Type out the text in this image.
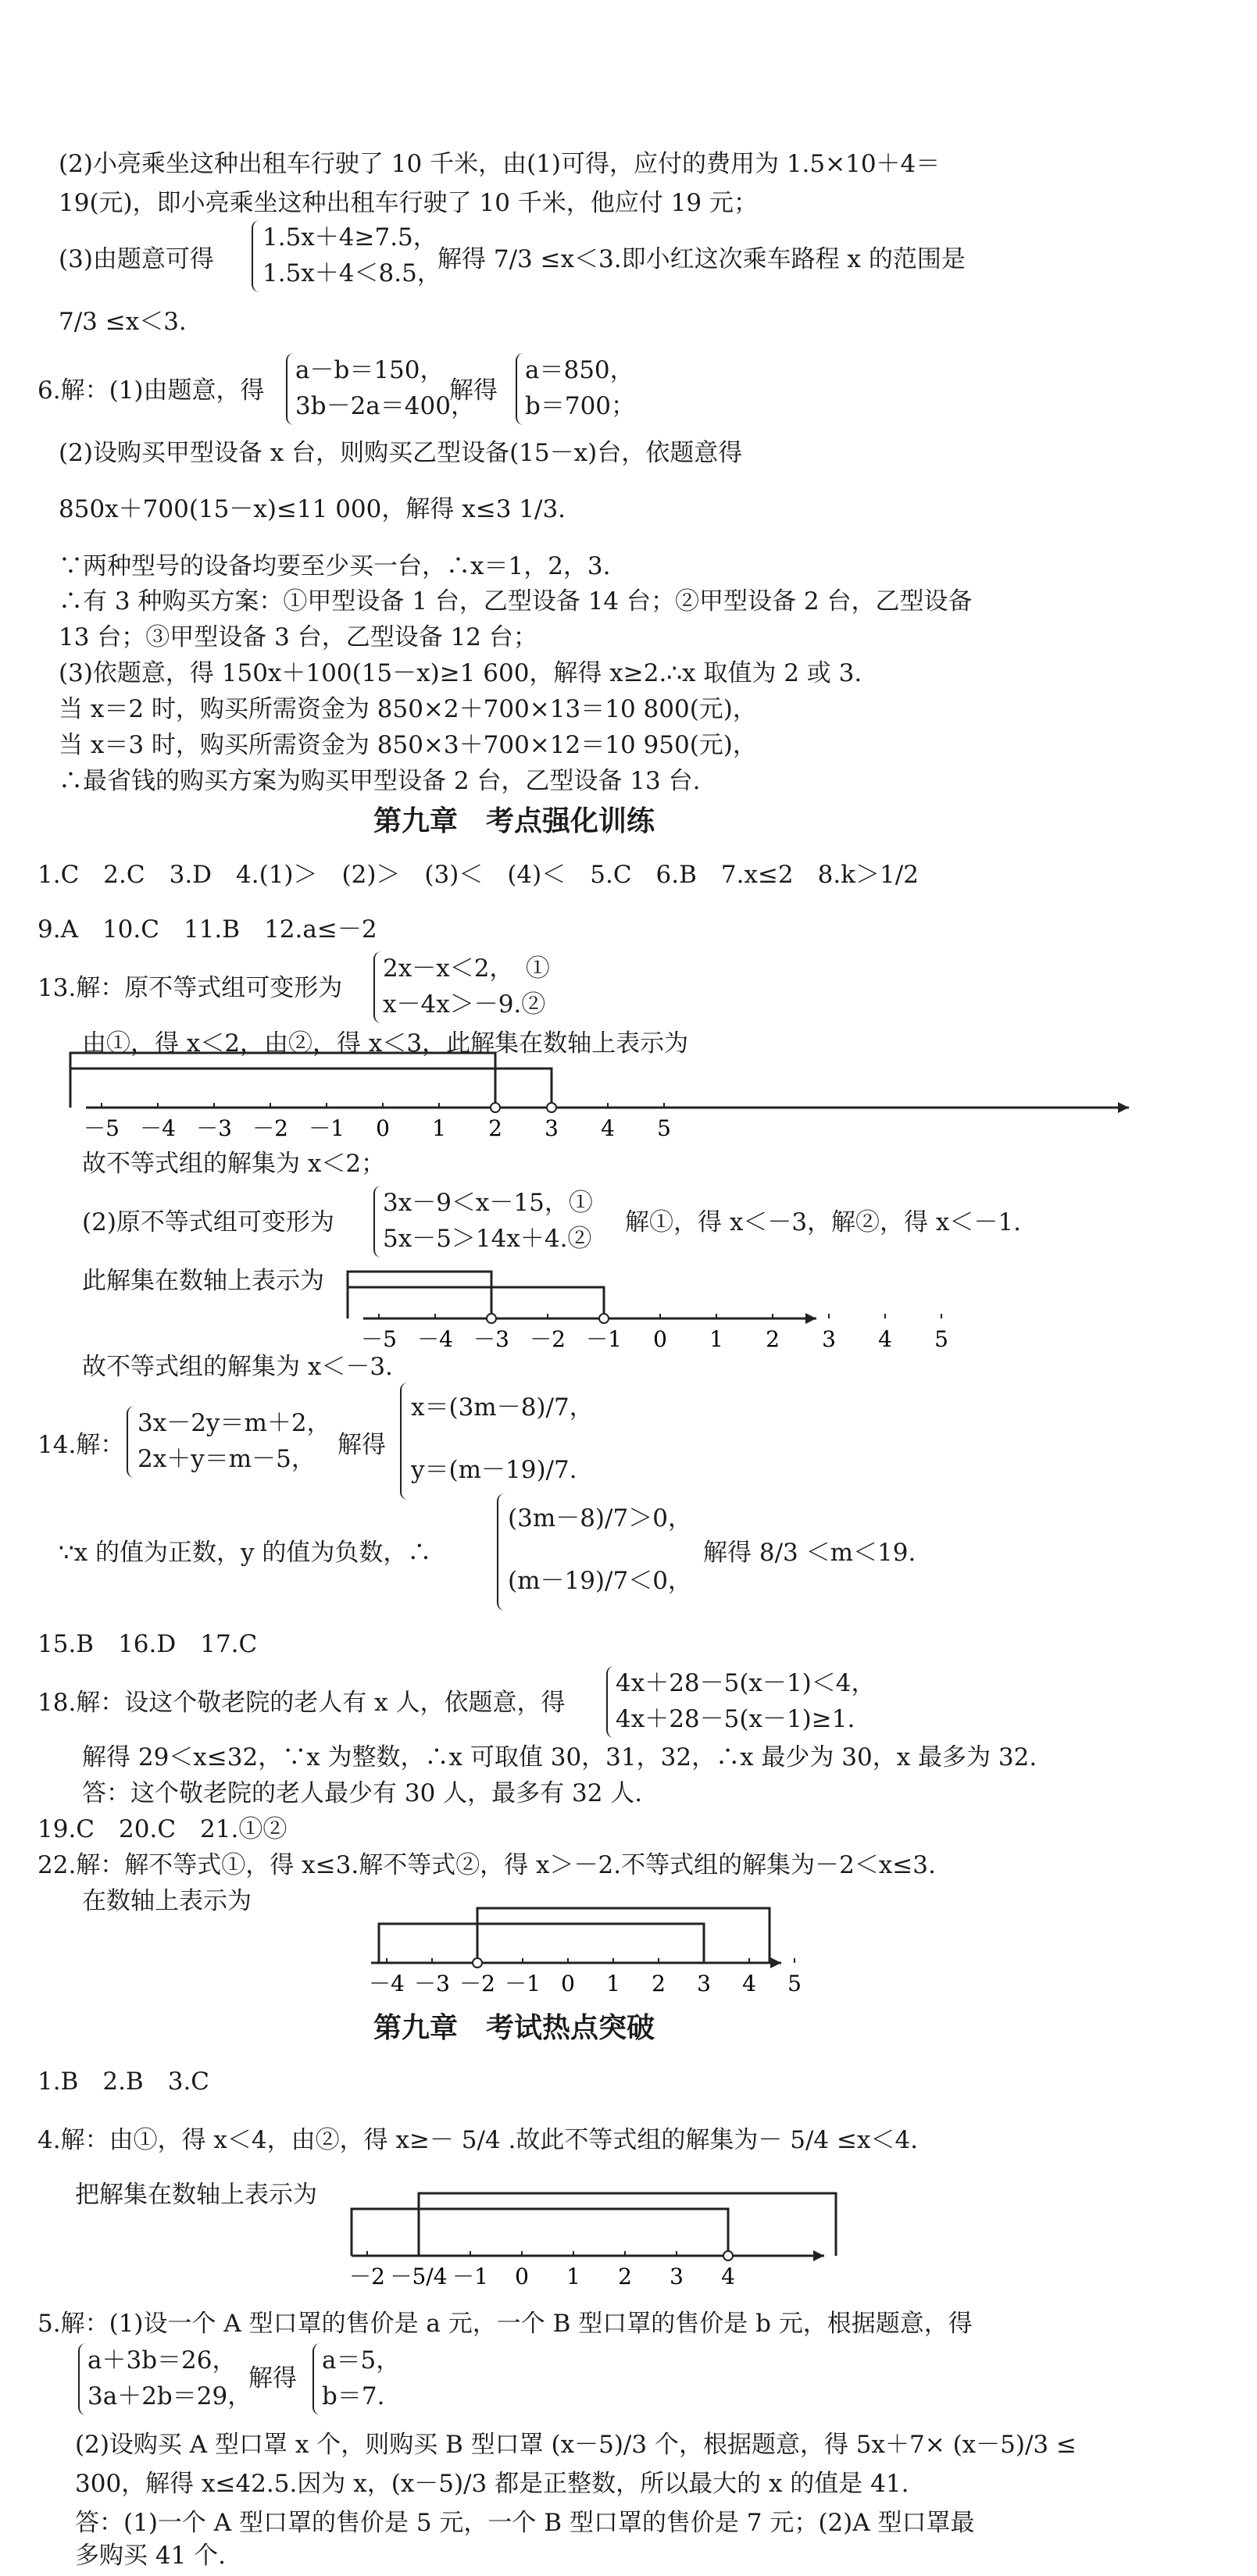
(2)小亮乘坐这种出租车行驶了 10 千米，由(1)可得，应付的费用为 1.5×10＋4＝
19(元)，即小亮乘坐这种出租车行驶了 10 千米，他应付 19 元；
(3)由题意可得
1.5x＋4≥7.5，
1.5x＋4＜8.5，
解得 7/3 ≤x＜3.即小红这次乘车路程 x 的范围是
7/3 ≤x＜3.
6.解：(1)由题意，得
a－b＝150，
3b－2a＝400，
解得
a＝850，
b＝700；
(2)设购买甲型设备 x 台，则购买乙型设备(15－x)台，依题意得
850x＋700(15－x)≤11 000，解得 x≤3 1/3.
∵两种型号的设备均要至少买一台，∴x＝1，2，3.
∴有 3 种购买方案：①甲型设备 1 台，乙型设备 14 台；②甲型设备 2 台，乙型设备
13 台；③甲型设备 3 台，乙型设备 12 台；
(3)依题意，得 150x＋100(15－x)≥1 600，解得 x≥2.∴x 取值为 2 或 3.
当 x＝2 时，购买所需资金为 850×2＋700×13＝10 800(元)，
当 x＝3 时，购买所需资金为 850×3＋700×12＝10 950(元)，
∴最省钱的购买方案为购买甲型设备 2 台，乙型设备 13 台.
第九章　考点强化训练
1.C　2.C　3.D　4.(1)＞　(2)＞　(3)＜　(4)＜　5.C　6.B　7.x≤2　8.k＞1/2
9.A　10.C　11.B　12.a≤－2
13.解：原不等式组可变形为
2x－x＜2，　①
x－4x＞－9.②
由①，得 x＜2，由②，得 x＜3，此解集在数轴上表示为
－5 －4 －3 －2 －1 0 1 2 3 4 5
故不等式组的解集为 x＜2；
(2)原不等式组可变形为
3x－9＜x－15，①
5x－5＞14x＋4.②
解①，得 x＜－3，解②，得 x＜－1.
此解集在数轴上表示为
－5 －4 －3 －2 －1 0 1 2 3 4 5
故不等式组的解集为 x＜－3.
14.解：
3x－2y＝m＋2，
2x＋y＝m－5， 解得
x＝(3m－8)/7，
y＝(m－19)/7.
∵x 的值为正数，y 的值为负数，∴
(3m－8)/7＞0，
(m－19)/7＜0，
解得 8/3 ＜m＜19.
15.B　16.D　17.C
18.解：设这个敬老院的老人有 x 人，依题意，得
4x＋28－5(x－1)＜4，
4x＋28－5(x－1)≥1.
解得 29＜x≤32，∵x 为整数，∴x 可取值 30，31，32，∴x 最少为 30，x 最多为 32.
答：这个敬老院的老人最少有 30 人，最多有 32 人.
19.C　20.C　21.①②
22.解：解不等式①，得 x≤3.解不等式②，得 x＞－2.不等式组的解集为－2＜x≤3.
在数轴上表示为
－4 －3 －2 －1 0 1 2 3 4 5
第九章　考试热点突破
1.B　2.B　3.C
4.解：由①，得 x＜4，由②，得 x≥－ 5/4 .故此不等式组的解集为－ 5/4 ≤x＜4.
把解集在数轴上表示为
－2 －5/4 －1 0 1 2 3 4
5.解：(1)设一个 A 型口罩的售价是 a 元，一个 B 型口罩的售价是 b 元，根据题意，得
a＋3b＝26，
3a＋2b＝29，
解得
a＝5，
b＝7.
(2)设购买 A 型口罩 x 个，则购买 B 型口罩 (x－5)/3 个，根据题意，得 5x＋7× (x－5)/3 ≤
300，解得 x≤42.5.因为 x，(x－5)/3 都是正整数，所以最大的 x 的值是 41.
答：(1)一个 A 型口罩的售价是 5 元，一个 B 型口罩的售价是 7 元；(2)A 型口罩最
多购买 41 个.
